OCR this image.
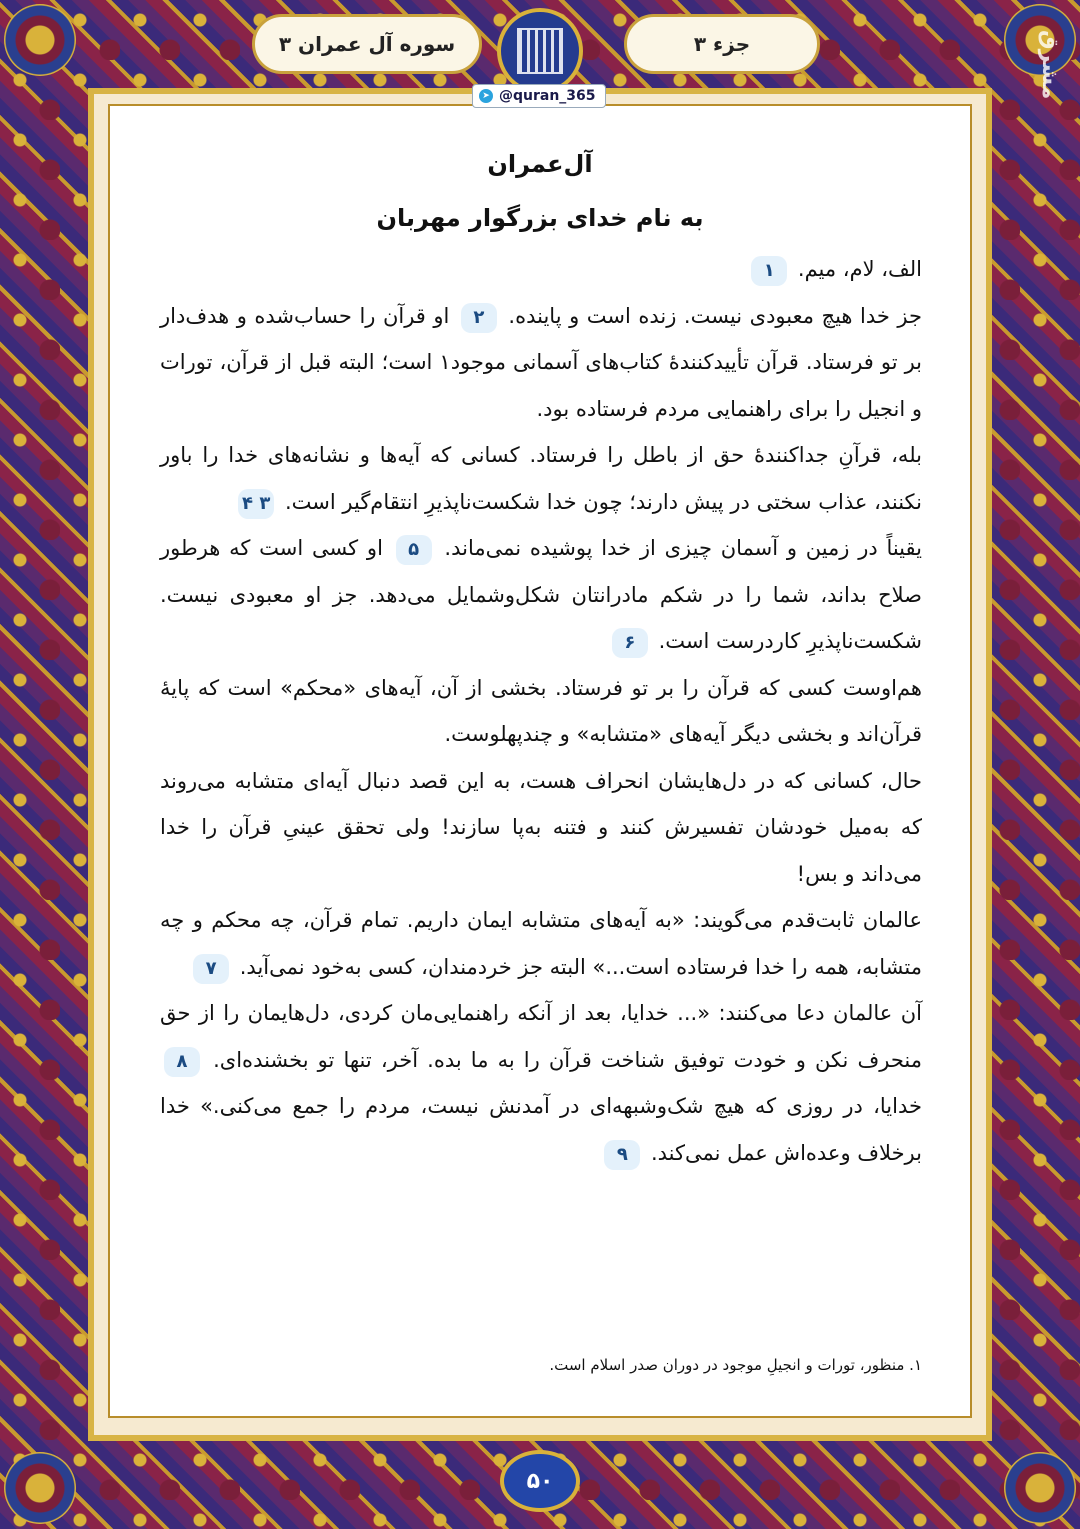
سوره آل عمران ۳	جزء ۳
➤ @quran_365	مشرق
آل‌عمران
به نام خدای بزرگوار مهربان

الف، لام، میم. ۱

جز خدا هیچ معبودی نیست. زنده است و پاینده. ۲ او قرآن را حساب‌شده و هدف‌دار بر تو فرستاد. قرآن تأییدکنندهٔ کتاب‌های آسمانی موجود۱ است؛ البته قبل از قرآن، تورات و انجیل را برای راهنمایی مردم فرستاده بود.

بله، قرآنِ جداکنندهٔ حق از باطل را فرستاد. کسانی که آیه‌ها و نشانه‌های خدا را باور نکنند، عذاب سختی در پیش دارند؛ چون خدا شکست‌ناپذیرِ انتقام‌گیر است. ۳ ۴

یقیناً در زمین و آسمان چیزی از خدا پوشیده نمی‌ماند. ۵ او کسی است که هرطور صلاح بداند، شما را در شکم مادرانتان شکل‌وشمایل می‌دهد. جز او معبودی نیست. شکست‌ناپذیرِ کاردرست است. ۶

هم‌اوست کسی که قرآن را بر تو فرستاد. بخشی از آن، آیه‌های «محکم» است که پایهٔ قرآن‌اند و بخشی دیگر آیه‌های «متشابه» و چندپهلوست.

حال، کسانی که در دل‌هایشان انحراف هست، به این قصد دنبال آیه‌ای متشابه می‌روند که به‌میل خودشان تفسیرش کنند و فتنه به‌پا سازند! ولی تحقق عینیِ قرآن را خدا می‌داند و بس!

عالمان ثابت‌قدم می‌گویند: «به آیه‌های متشابه ایمان داریم. تمام قرآن، چه محکم و چه متشابه، همه را خدا فرستاده است...» البته جز خردمندان، کسی به‌خود نمی‌آید. ۷

آن عالمان دعا می‌کنند: «... خدایا، بعد از آنکه راهنمایی‌مان کردی، دل‌هایمان را از حق منحرف نکن و خودت توفیق شناخت قرآن را به ما بده. آخر، تنها تو بخشنده‌ای. ۸ خدایا، در روزی که هیچ شک‌وشبهه‌ای در آمدنش نیست، مردم را جمع می‌کنی.» خدا برخلاف وعده‌اش عمل نمی‌کند. ۹

۱. منظور، تورات و انجیلِ موجود در دوران صدر اسلام است.
۵۰
